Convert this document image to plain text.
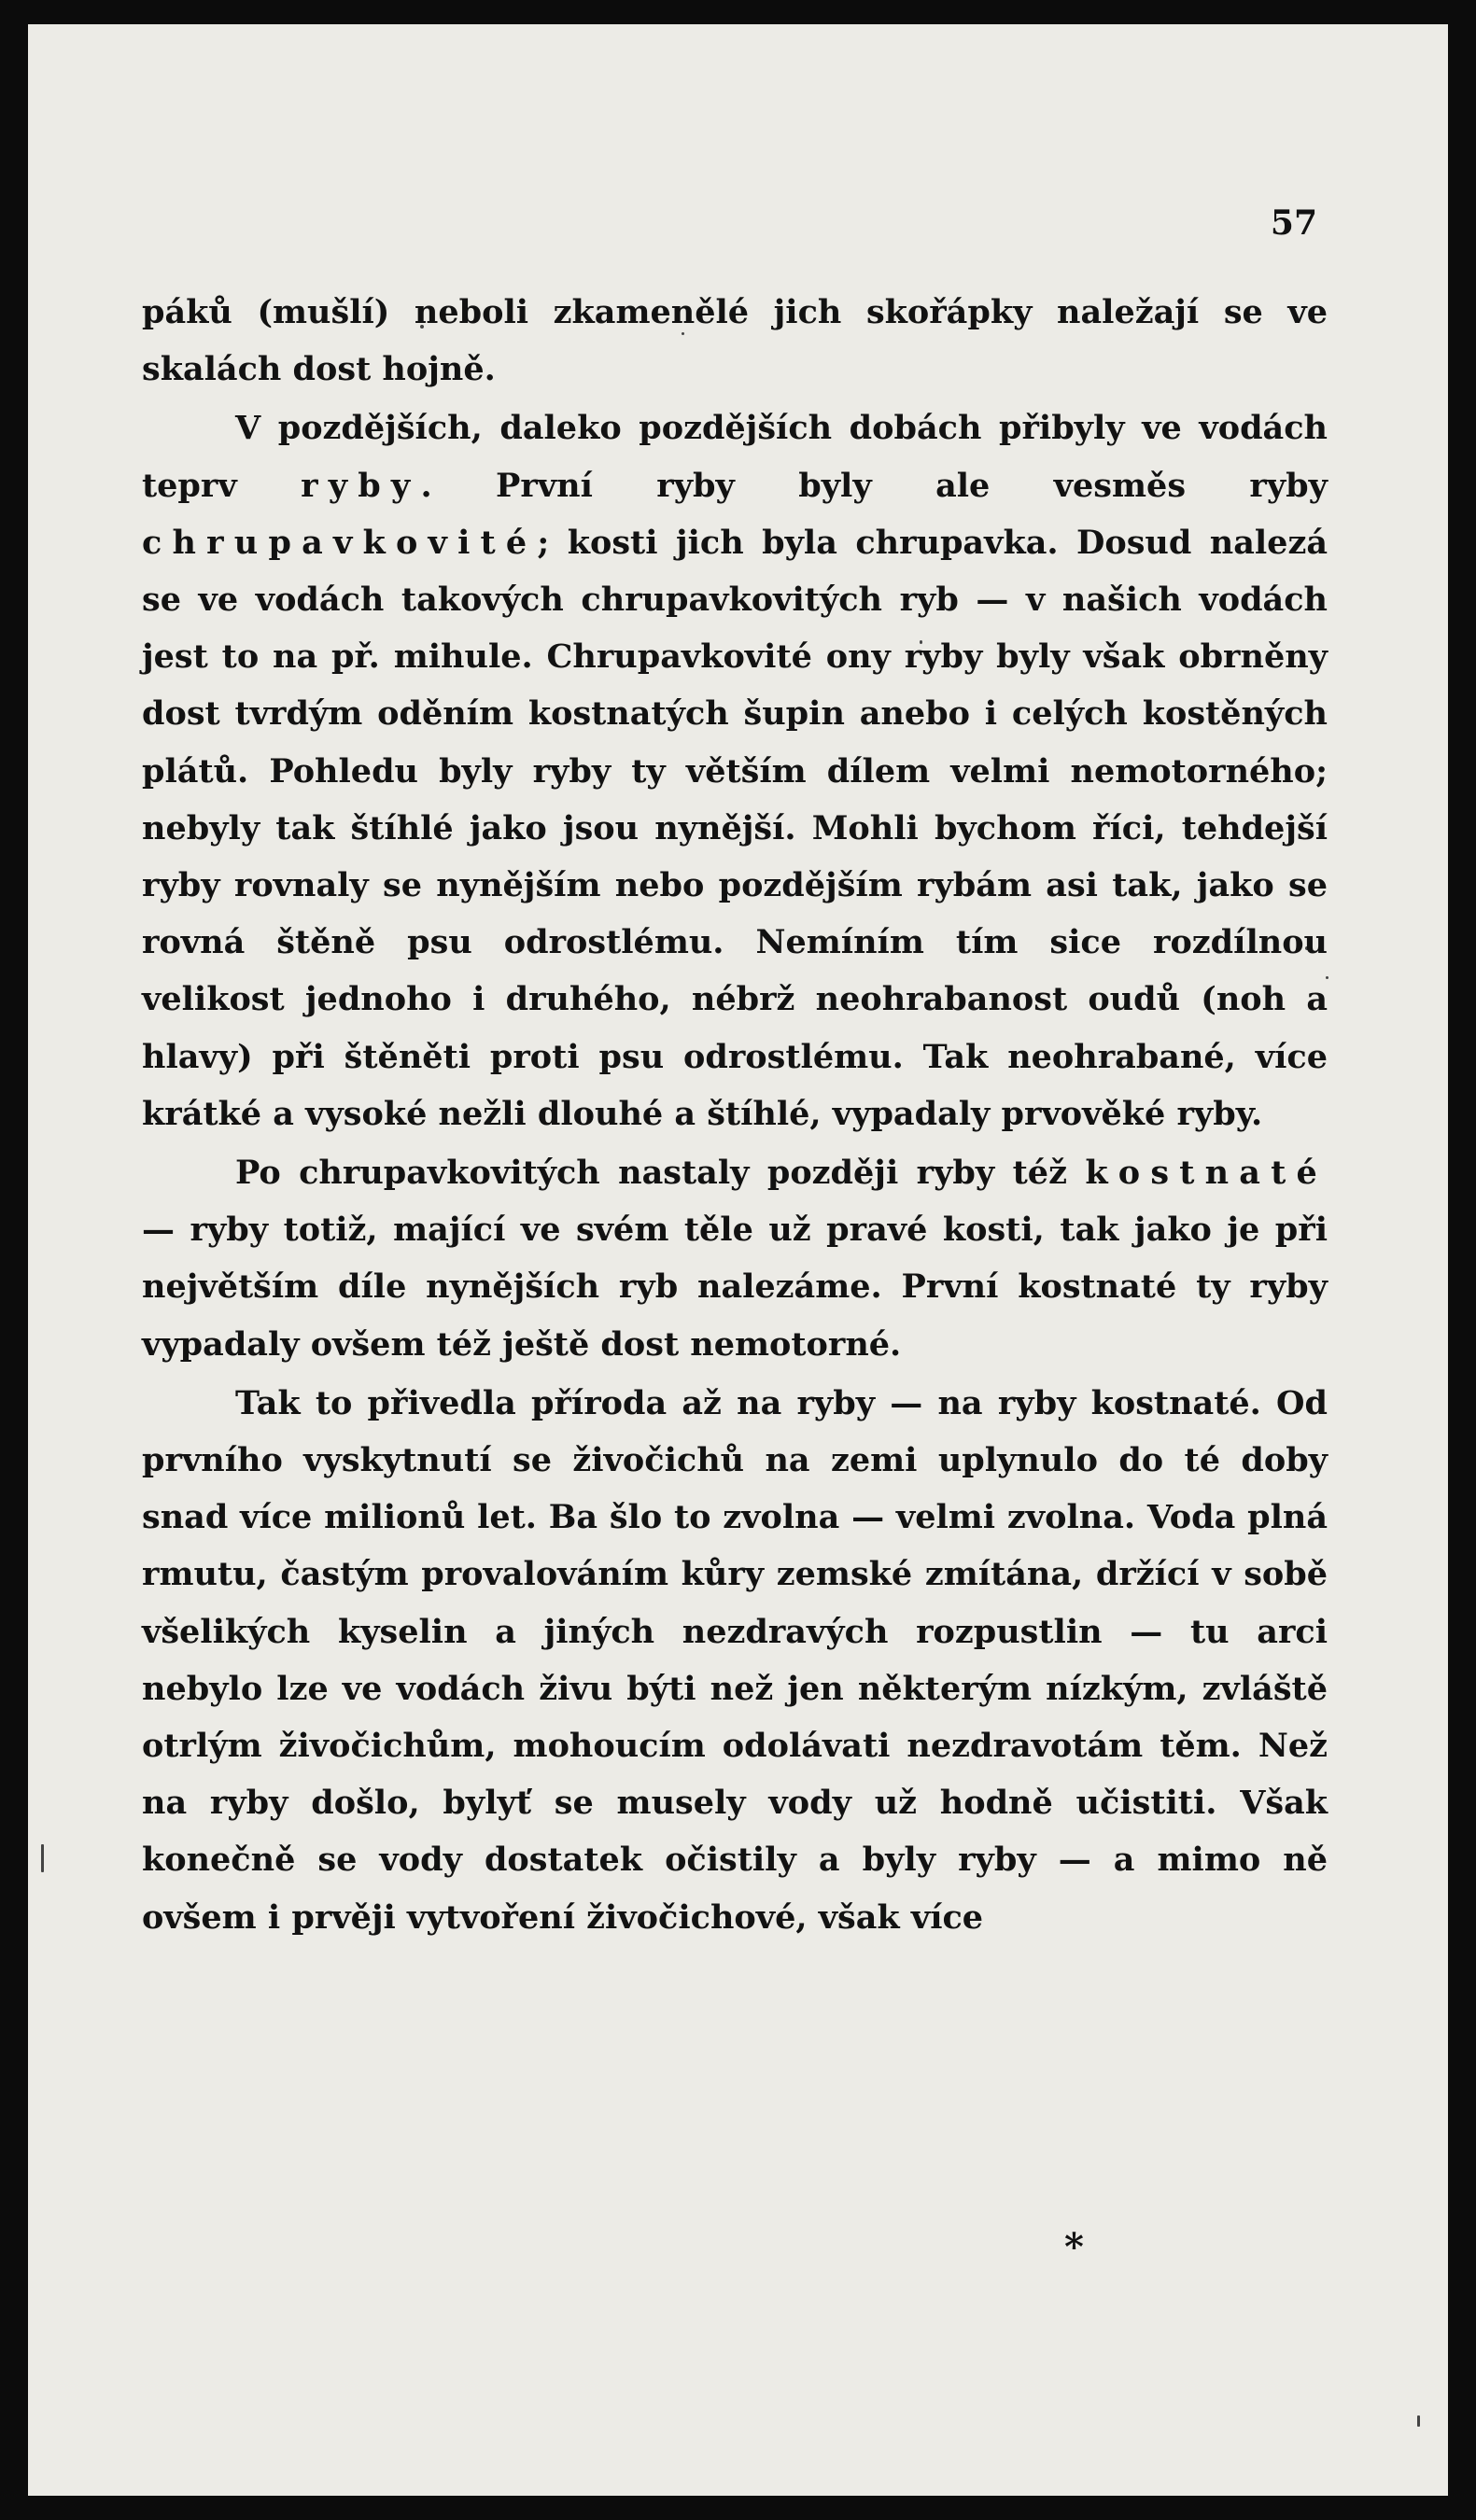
57

páků (mušlí) neboli zkamenělé jich skořápky naležají se ve skalách dost hojně.

V pozdějších, daleko pozdějších dobách přibyly ve vodách teprv ryby. První ryby byly ale vesměs ryby chrupavkovité; kosti jich byla chrupavka. Dosud nalezá se ve vodách takových chrupavkovitých ryb — v našich vodách jest to na př. mihule. Chrupavkovité ony ryby byly však obrněny dost tvrdým oděním kostnatých šupin anebo i celých kostěných plátů. Pohledu byly ryby ty větším dílem velmi nemotorného; nebyly tak štíhlé jako jsou nynější. Mohli bychom říci, tehdejší ryby rovnaly se nynějším nebo pozdějším rybám asi tak, jako se rovná štěně psu odrostlému. Nemíním tím sice rozdílnou velikost jednoho i druhého, nébrž neohrabanost oudů (noh a hlavy) při štěněti proti psu odrostlému. Tak neohrabané, více krátké a vysoké nežli dlouhé a štíhlé, vypadaly prvověké ryby.

Po chrupavkovitých nastaly později ryby též kostnaté — ryby totiž, mající ve svém těle už pravé kosti, tak jako je při největším díle nynějších ryb nalezáme. První kostnaté ty ryby vypadaly ovšem též ještě dost nemotorné.

Tak to přivedla příroda až na ryby — na ryby kostnaté. Od prvního vyskytnutí se živočichů na zemi uplynulo do té doby snad více milionů let. Ba šlo to zvolna — velmi zvolna. Voda plná rmutu, častým provalováním kůry zemské zmítána, držící v sobě všelikých kyselin a jiných nezdravých rozpustlin — tu arci nebylo lze ve vodách živu býti než jen některým nízkým, zvláště otrlým živočichům, mohoucím odolávati nezdravotám těm. Než na ryby došlo, bylyť se musely vody už hodně učistiti. Však konečně se vody dostatek očistily a byly ryby — a mimo ně ovšem i prvěji vytvoření živočichové, však více

*
